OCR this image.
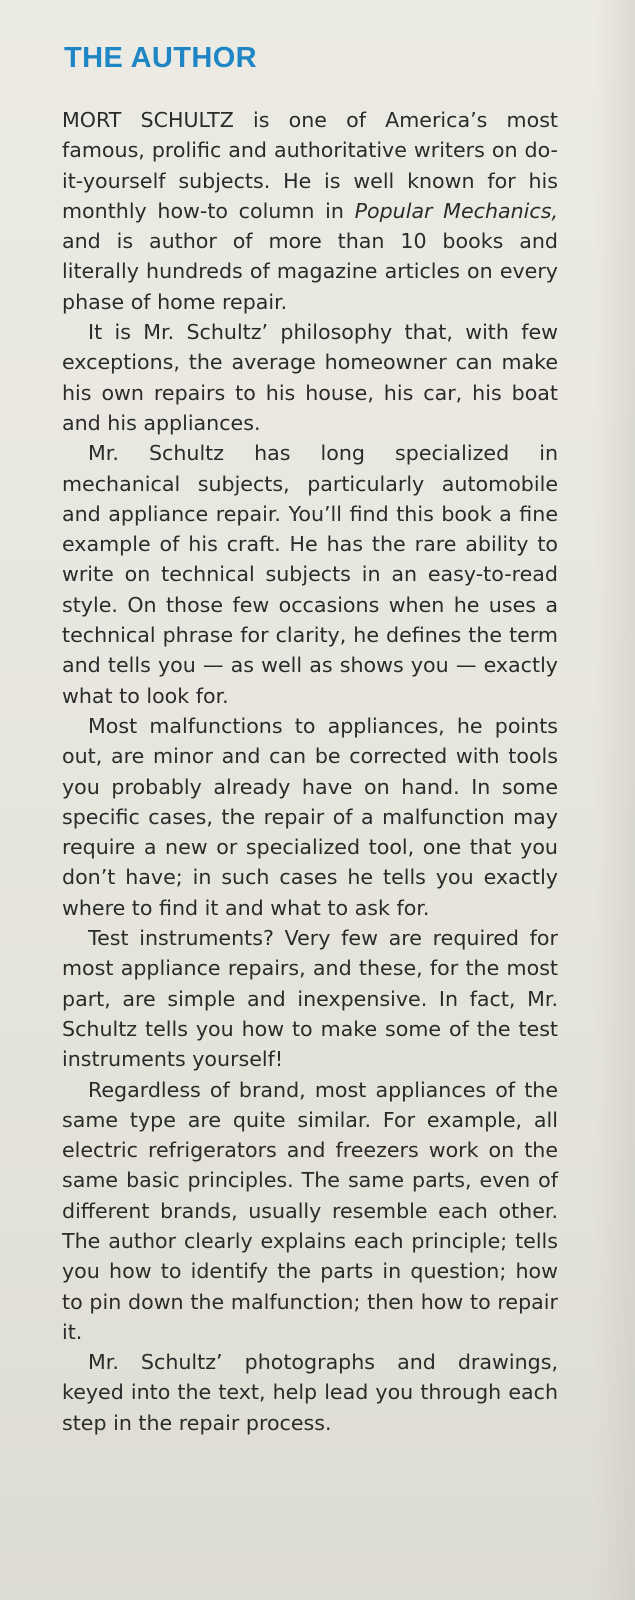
THE AUTHOR

MORT SCHULTZ is one of America’s most famous, prolific and authoritative writers on do-it-yourself subjects. He is well known for his monthly how-to column in Popular Mechanics, and is author of more than 10 books and literally hundreds of magazine articles on every phase of home repair.

It is Mr. Schultz’ philosophy that, with few exceptions, the average homeowner can make his own repairs to his house, his car, his boat and his appliances.

Mr. Schultz has long specialized in mechanical subjects, particularly automobile and appliance repair. You’ll find this book a fine example of his craft. He has the rare ability to write on technical subjects in an easy-to-read style. On those few occasions when he uses a technical phrase for clarity, he defines the term and tells you — as well as shows you — exactly what to look for.

Most malfunctions to appliances, he points out, are minor and can be corrected with tools you probably already have on hand. In some specific cases, the repair of a malfunction may require a new or specialized tool, one that you don’t have; in such cases he tells you exactly where to find it and what to ask for.

Test instruments? Very few are required for most appliance repairs, and these, for the most part, are simple and inexpensive. In fact, Mr. Schultz tells you how to make some of the test instruments yourself!

Regardless of brand, most appliances of the same type are quite similar. For example, all electric refrigerators and freezers work on the same basic principles. The same parts, even of different brands, usually resemble each other. The author clearly explains each principle; tells you how to identify the parts in question; how to pin down the malfunction; then how to repair it.

Mr. Schultz’ photographs and drawings, keyed into the text, help lead you through each step in the repair process.
